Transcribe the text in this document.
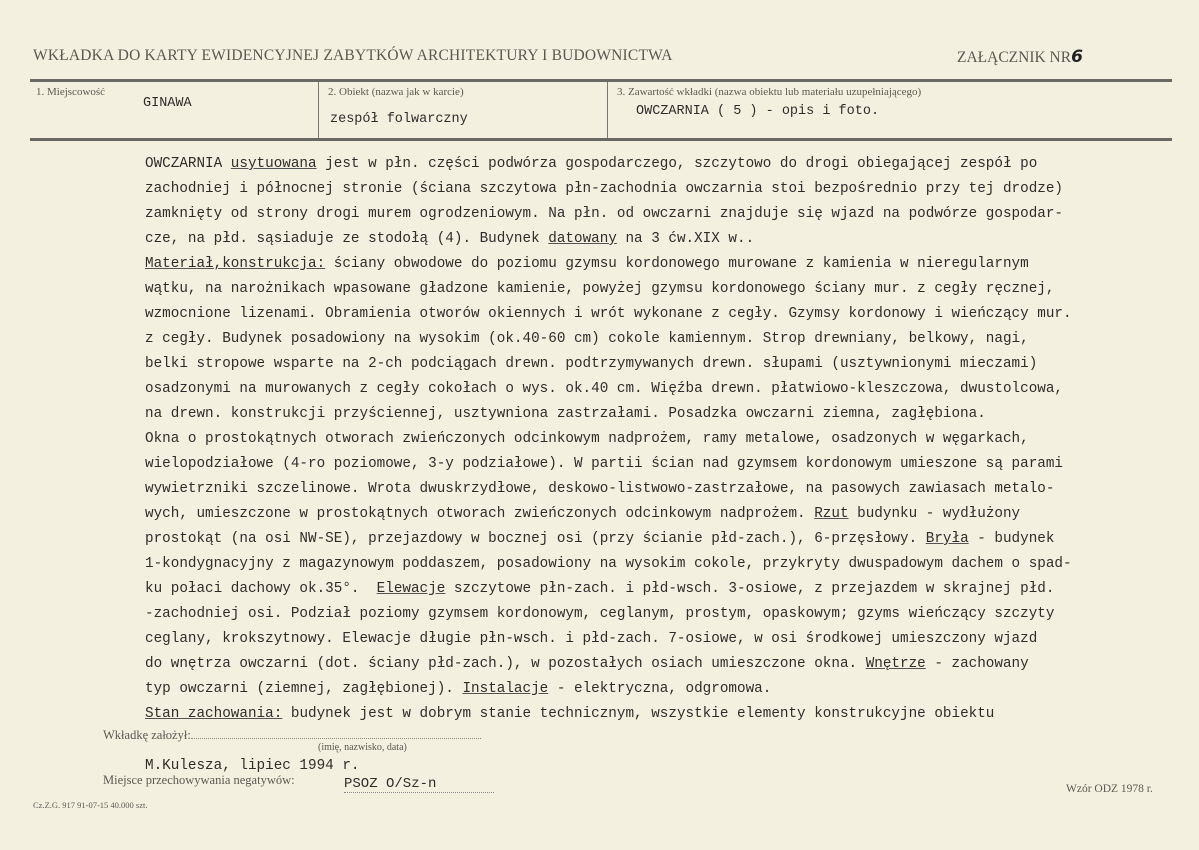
WKŁADKA DO KARTY EWIDENCYJNEJ ZABYTKÓW ARCHITEKTURY I BUDOWNICTWA	ZAŁĄCZNIK NR6
1. Miejscowość
GINAWA
2. Obiekt (nazwa jak w karcie)
zespół folwarczny
3. Zawartość wkładki (nazwa obiektu lub materiału uzupełniającego)
OWCZARNIA ( 5 ) - opis i foto.
OWCZARNIA usytuowana jest w płn. części podwórza gospodarczego, szczytowo do drogi obiegającej zespół po
zachodniej i północnej stronie (ściana szczytowa płn-zachodnia owczarnia stoi bezpośrednio przy tej drodze)
zamknięty od strony drogi murem ogrodzeniowym. Na płn. od owczarni znajduje się wjazd na podwórze gospodar-
cze, na płd. sąsiaduje ze stodołą (4). Budynek datowany na 3 ćw.XIX w..
Materiał,konstrukcja: ściany obwodowe do poziomu gzymsu kordonowego murowane z kamienia w nieregularnym
wątku, na narożnikach wpasowane gładzone kamienie, powyżej gzymsu kordonowego ściany mur. z cegły ręcznej,
wzmocnione lizenami. Obramienia otworów okiennych i wrót wykonane z cegły. Gzymsy kordonowy i wieńczący mur.
z cegły. Budynek posadowiony na wysokim (ok.40-60 cm) cokole kamiennym. Strop drewniany, belkowy, nagi,
belki stropowe wsparte na 2-ch podciągach drewn. podtrzymywanych drewn. słupami (usztywnionymi mieczami)
osadzonymi na murowanych z cegły cokołach o wys. ok.40 cm. Więźba drewn. płatwiowo-kleszczowa, dwustolcowa,
na drewn. konstrukcji przyściennej, usztywniona zastrzałami. Posadzka owczarni ziemna, zagłębiona.
Okna o prostokątnych otworach zwieńczonych odcinkowym nadprożem, ramy metalowe, osadzonych w węgarkach,
wielopodziałowe (4-ro poziomowe, 3-y podziałowe). W partii ścian nad gzymsem kordonowym umieszone są parami
wywietrzniki szczelinowe. Wrota dwuskrzydłowe, deskowo-listwowo-zastrzałowe, na pasowych zawiasach metalo-
wych, umieszczone w prostokątnych otworach zwieńczonych odcinkowym nadprożem. Rzut budynku - wydłużony
prostokąt (na osi NW-SE), przejazdowy w bocznej osi (przy ścianie płd-zach.), 6-przęsłowy. Bryła - budynek
1-kondygnacyjny z magazynowym poddaszem, posadowiony na wysokim cokole, przykryty dwuspadowym dachem o spad-
ku połaci dachowy ok.35°.  Elewacje szczytowe płn-zach. i płd-wsch. 3-osiowe, z przejazdem w skrajnej płd.
-zachodniej osi. Podział poziomy gzymsem kordonowym, ceglanym, prostym, opaskowym; gzyms wieńczący szczyty
ceglany, krokszytnowy. Elewacje długie płn-wsch. i płd-zach. 7-osiowe, w osi środkowej umieszczony wjazd
do wnętrza owczarni (dot. ściany płd-zach.), w pozostałych osiach umieszczone okna. Wnętrze - zachowany
typ owczarni (ziemnej, zagłębionej). Instalacje - elektryczna, odgromowa.
Stan zachowania: budynek jest w dobrym stanie technicznym, wszystkie elementy konstrukcyjne obiektu
Wkładkę założył:
(imię, nazwisko, data)
M.Kulesza, lipiec 1994 r.
Miejsce przechowywania negatywów:	PSOZ O/Sz-n	Wzór ODZ 1978 r.
Cz.Z.G. 917 91-07-15 40.000 szt.
